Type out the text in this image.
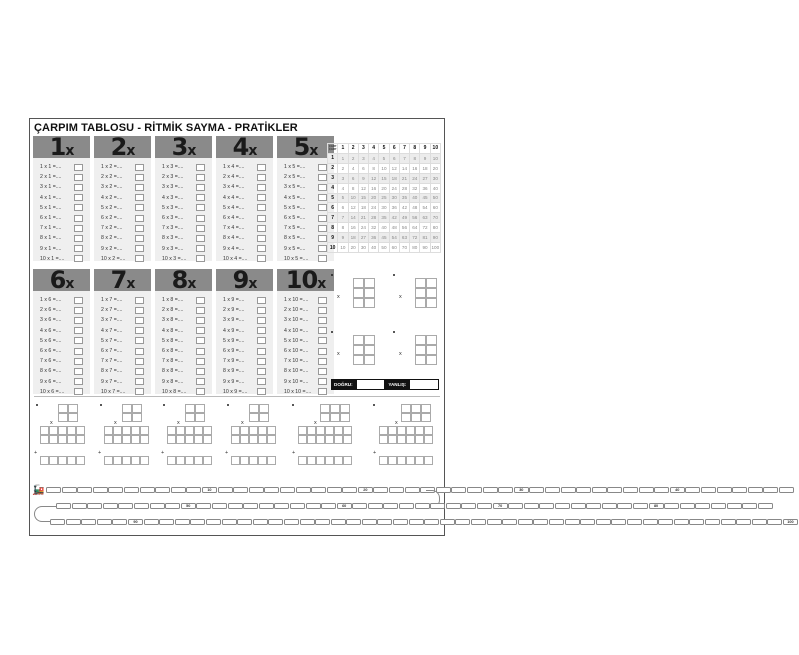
ÇARPIM TABLOSU - RİTMİK SAYMA - PRATİKLER
1x
1 x 1 =....
2 x 1 =....
3 x 1 =....
4 x 1 =....
5 x 1 =....
6 x 1 =....
7 x 1 =....
8 x 1 =....
9 x 1 =....
10 x 1 =....
2x
1 x 2 =....
2 x 2 =....
3 x 2 =....
4 x 2 =....
5 x 2 =....
6 x 2 =....
7 x 2 =....
8 x 2 =....
9 x 2 =....
10 x 2 =....
3x
1 x 3 =....
2 x 3 =....
3 x 3 =....
4 x 3 =....
5 x 3 =....
6 x 3 =....
7 x 3 =....
8 x 3 =....
9 x 3 =....
10 x 3 =....
4x
1 x 4 =....
2 x 4 =....
3 x 4 =....
4 x 4 =....
5 x 4 =....
6 x 4 =....
7 x 4 =....
8 x 4 =....
9 x 4 =....
10 x 4 =....
5x
1 x 5 =....
2 x 5 =....
3 x 5 =....
4 x 5 =....
5 x 5 =....
6 x 5 =....
7 x 5 =....
8 x 5 =....
9 x 5 =....
10 x 5 =....
6x
1 x 6 =....
2 x 6 =....
3 x 6 =....
4 x 6 =....
5 x 6 =....
6 x 6 =....
7 x 6 =....
8 x 6 =....
9 x 6 =....
10 x 6 =....
7x
1 x 7 =....
2 x 7 =....
3 x 7 =....
4 x 7 =....
5 x 7 =....
6 x 7 =....
7 x 7 =....
8 x 7 =....
9 x 7 =....
10 x 7 =....
8x
1 x 8 =....
2 x 8 =....
3 x 8 =....
4 x 8 =....
5 x 8 =....
6 x 8 =....
7 x 8 =....
8 x 8 =....
9 x 8 =....
10 x 8 =....
9x
1 x 9 =....
2 x 9 =....
3 x 9 =....
4 x 9 =....
5 x 9 =....
6 x 9 =....
7 x 9 =....
8 x 9 =....
9 x 9 =....
10 x 9 =....
10x
1 x 10 =....
2 x 10 =....
3 x 10 =....
4 x 10 =....
5 x 10 =....
6 x 10 =....
7 x 10 =....
8 x 10 =....
9 x 10 =....
10 x 10 =....
ÇARP ÇARP	1	2	3	4	5	6	7	8	9	10
1	1	2	3	4	5	6	7	8	9	10
2	2	4	6	8	10	12	14	16	18	20
3	3	6	9	12	15	18	21	24	27	30
4	4	8	12	16	20	24	28	32	36	40
5	5	10	15	20	25	30	35	40	45	50
6	6	12	18	24	30	36	42	48	54	60
7	7	14	21	28	35	42	49	56	63	70
8	8	16	24	32	40	48	56	64	72	80
9	9	18	27	36	45	54	63	72	81	90
10	10	20	30	40	50	60	70	80	90	100
x	x
x	x
DOĞRU:	YANLIŞ:
x
+
x
+
x
+
x
+
x
+
x
+
🚂	10	20	30	40
50	60	70	80
90	100
